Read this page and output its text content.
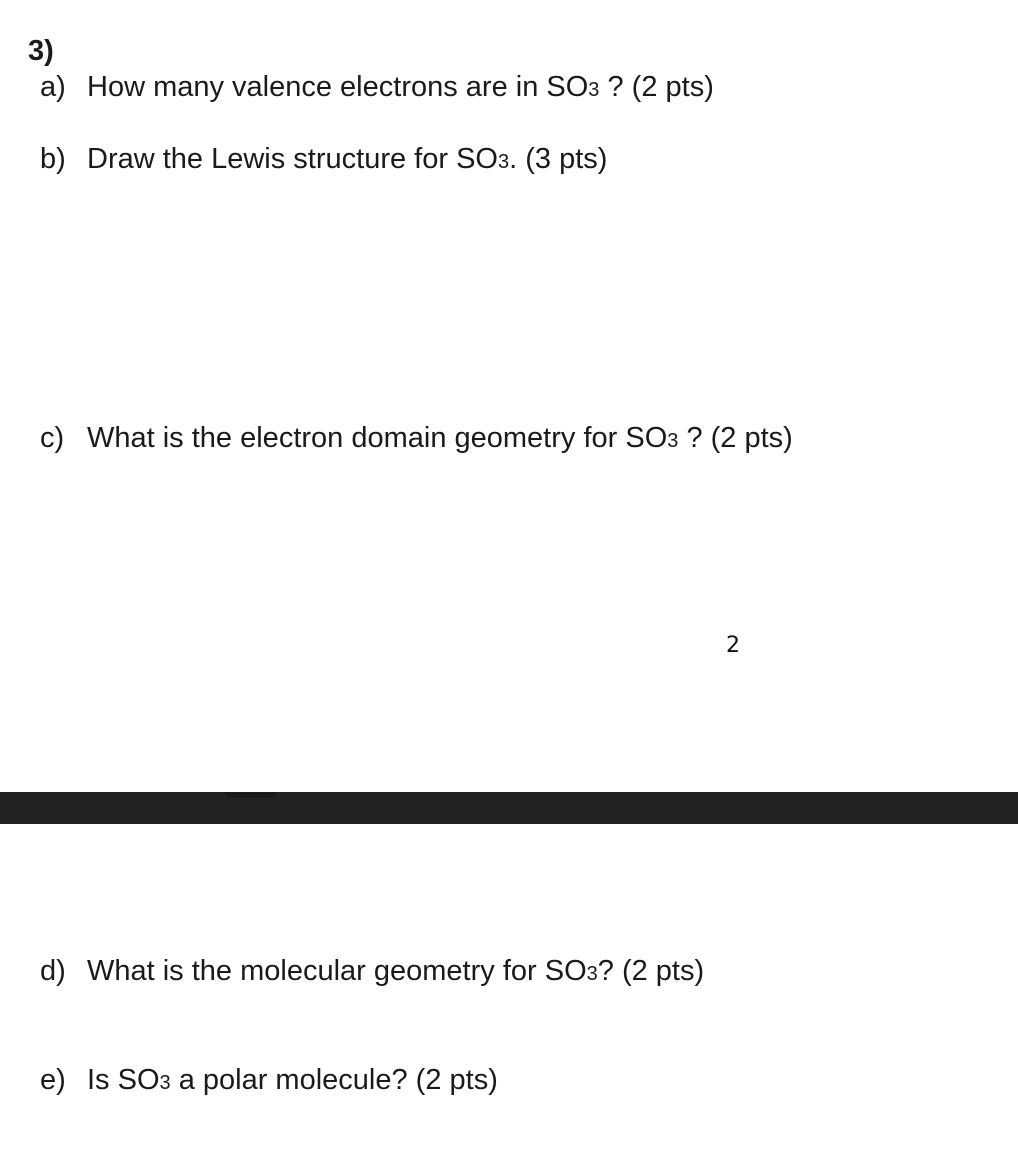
3)
a) How many valence electrons are in SO3 ? (2 pts)
b) Draw the Lewis structure for SO3. (3 pts)
c) What is the electron domain geometry for SO3 ? (2 pts)
2
d) What is the molecular geometry for SO3? (2 pts)
e) Is SO3 a polar molecule? (2 pts)
